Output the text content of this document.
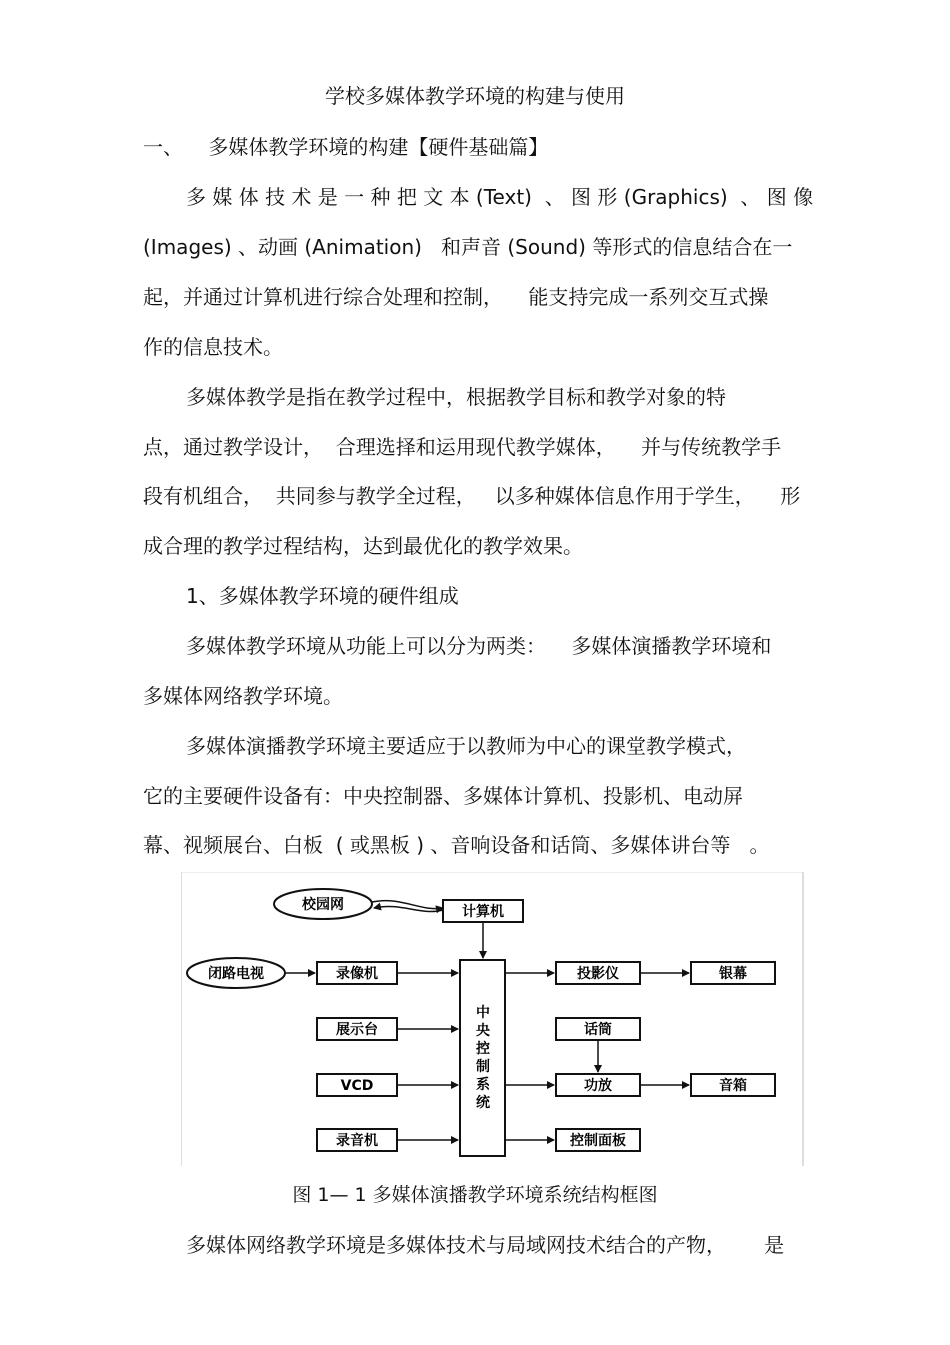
学校多媒体教学环境的构建与使用
一、    多媒体教学环境的构建【硬件基础篇】
多 媒 体 技 术 是 一 种 把 文 本 (Text)  、 图 形 (Graphics)  、 图 像
(Images) 、动画 (Animation)   和声音 (Sound) 等形式的信息结合在一
起，并通过计算机进行综合处理和控制，    能支持完成一系列交互式操
作的信息技术。
多媒体教学是指在教学过程中，根据教学目标和教学对象的特
点，通过教学设计，  合理选择和运用现代教学媒体，    并与传统教学手
段有机组合，  共同参与教学全过程，   以多种媒体信息作用于学生，    形
成合理的教学过程结构，达到最优化的教学效果。
1、多媒体教学环境的硬件组成
多媒体教学环境从功能上可以分为两类：    多媒体演播教学环境和
多媒体网络教学环境。
多媒体演播教学环境主要适应于以教师为中心的课堂教学模式，
它的主要硬件设备有：中央控制器、多媒体计算机、投影机、电动屏
幕、视频展台、白板  ( 或黑板 ) 、音响设备和话筒、多媒体讲台等   。
校园网	计算机
中
央
控
制
系
统
闭路电视	录像机
展示台
VCD
录音机
投影仪	银幕
话筒
功放	音箱
控制面板
图 1— 1 多媒体演播教学环境系统结构框图
多媒体网络教学环境是多媒体技术与局域网技术结合的产物，      是
